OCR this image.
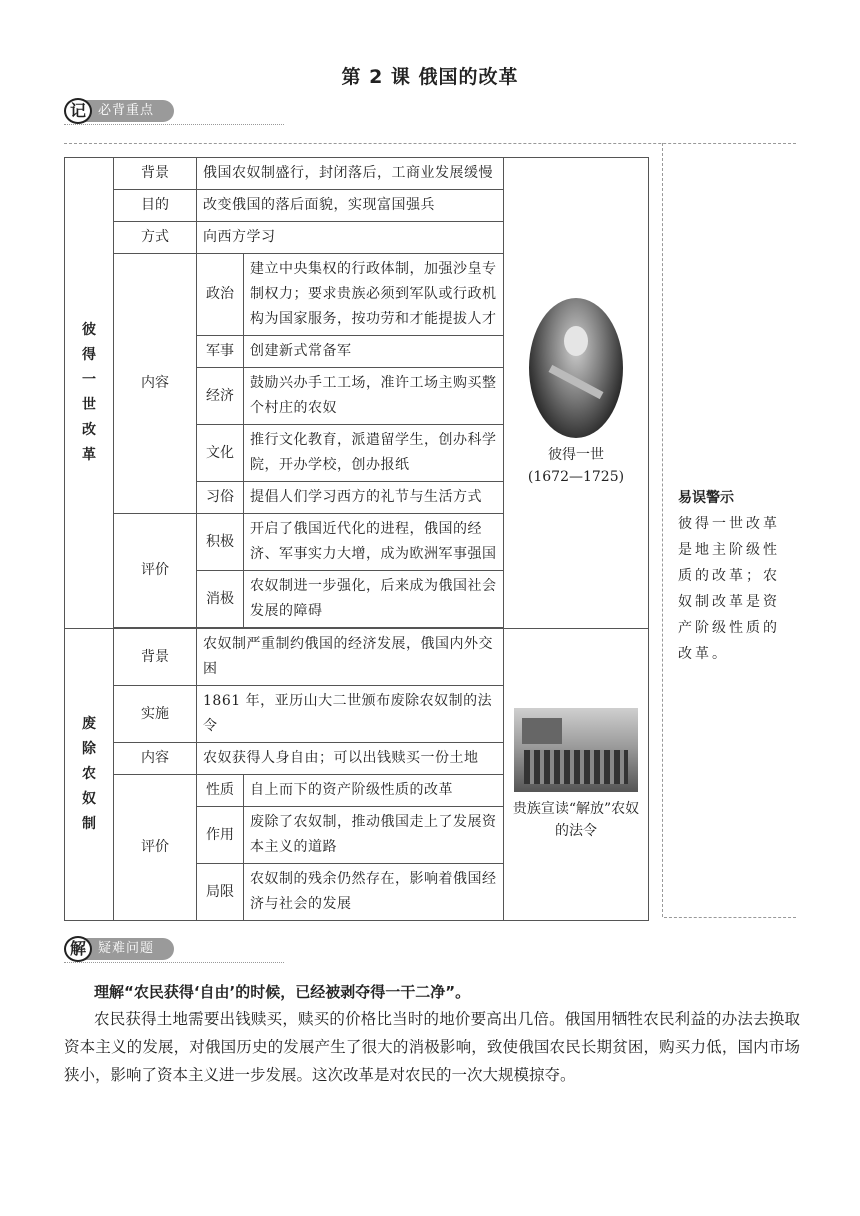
第 2 课 俄国的改革
记 必背重点
彼得一世改革	背景	俄国农奴制盛行，封闭落后，工商业发展缓慢		彼得一世
(1672—1725)

	目的	改变俄国的落后面貌，实现富国强兵		
	方式	向西方学习		
	内容	政治	建立中央集权的行政体制，加强沙皇专制权力；要求贵族必须到军队或行政机构为国家服务，按功劳和才能提拔人才	
		军事	创建新式常备军	
		经济	鼓励兴办手工工场，准许工场主购买整个村庄的农奴	
		文化	推行文化教育，派遣留学生，创办科学院，开办学校，创办报纸	
		习俗	提倡人们学习西方的礼节与生活方式	
	评价	积极	开启了俄国近代化的进程，俄国的经济、军事实力大增，成为欧洲军事强国	
		消极	农奴制进一步强化，后来成为俄国社会发展的障碍	

废除农奴制	背景	农奴制严重制约俄国的经济发展，俄国内外交困		贵族宣读“解放”农奴的法令

	实施	1861 年，亚历山大二世颁布废除农奴制的法令		
	内容	农奴获得人身自由；可以出钱赎买一份土地		
	评价	性质	自上而下的资产阶级性质的改革	
		作用	废除了农奴制，推动俄国走上了发展资本主义的道路	
		局限	农奴制的残余仍然存在，影响着俄国经济与社会的发展	
易误警示
彼得一世改革是地主阶级性质的改革；农奴制改革是资产阶级性质的改革。
解 疑难问题
理解“农民获得‘自由’的时候，已经被剥夺得一干二净”。
农民获得土地需要出钱赎买，赎买的价格比当时的地价要高出几倍。俄国用牺牲农民利益的办法去换取资本主义的发展，对俄国历史的发展产生了很大的消极影响，致使俄国农民长期贫困，购买力低，国内市场狭小，影响了资本主义进一步发展。这次改革是对农民的一次大规模掠夺。
